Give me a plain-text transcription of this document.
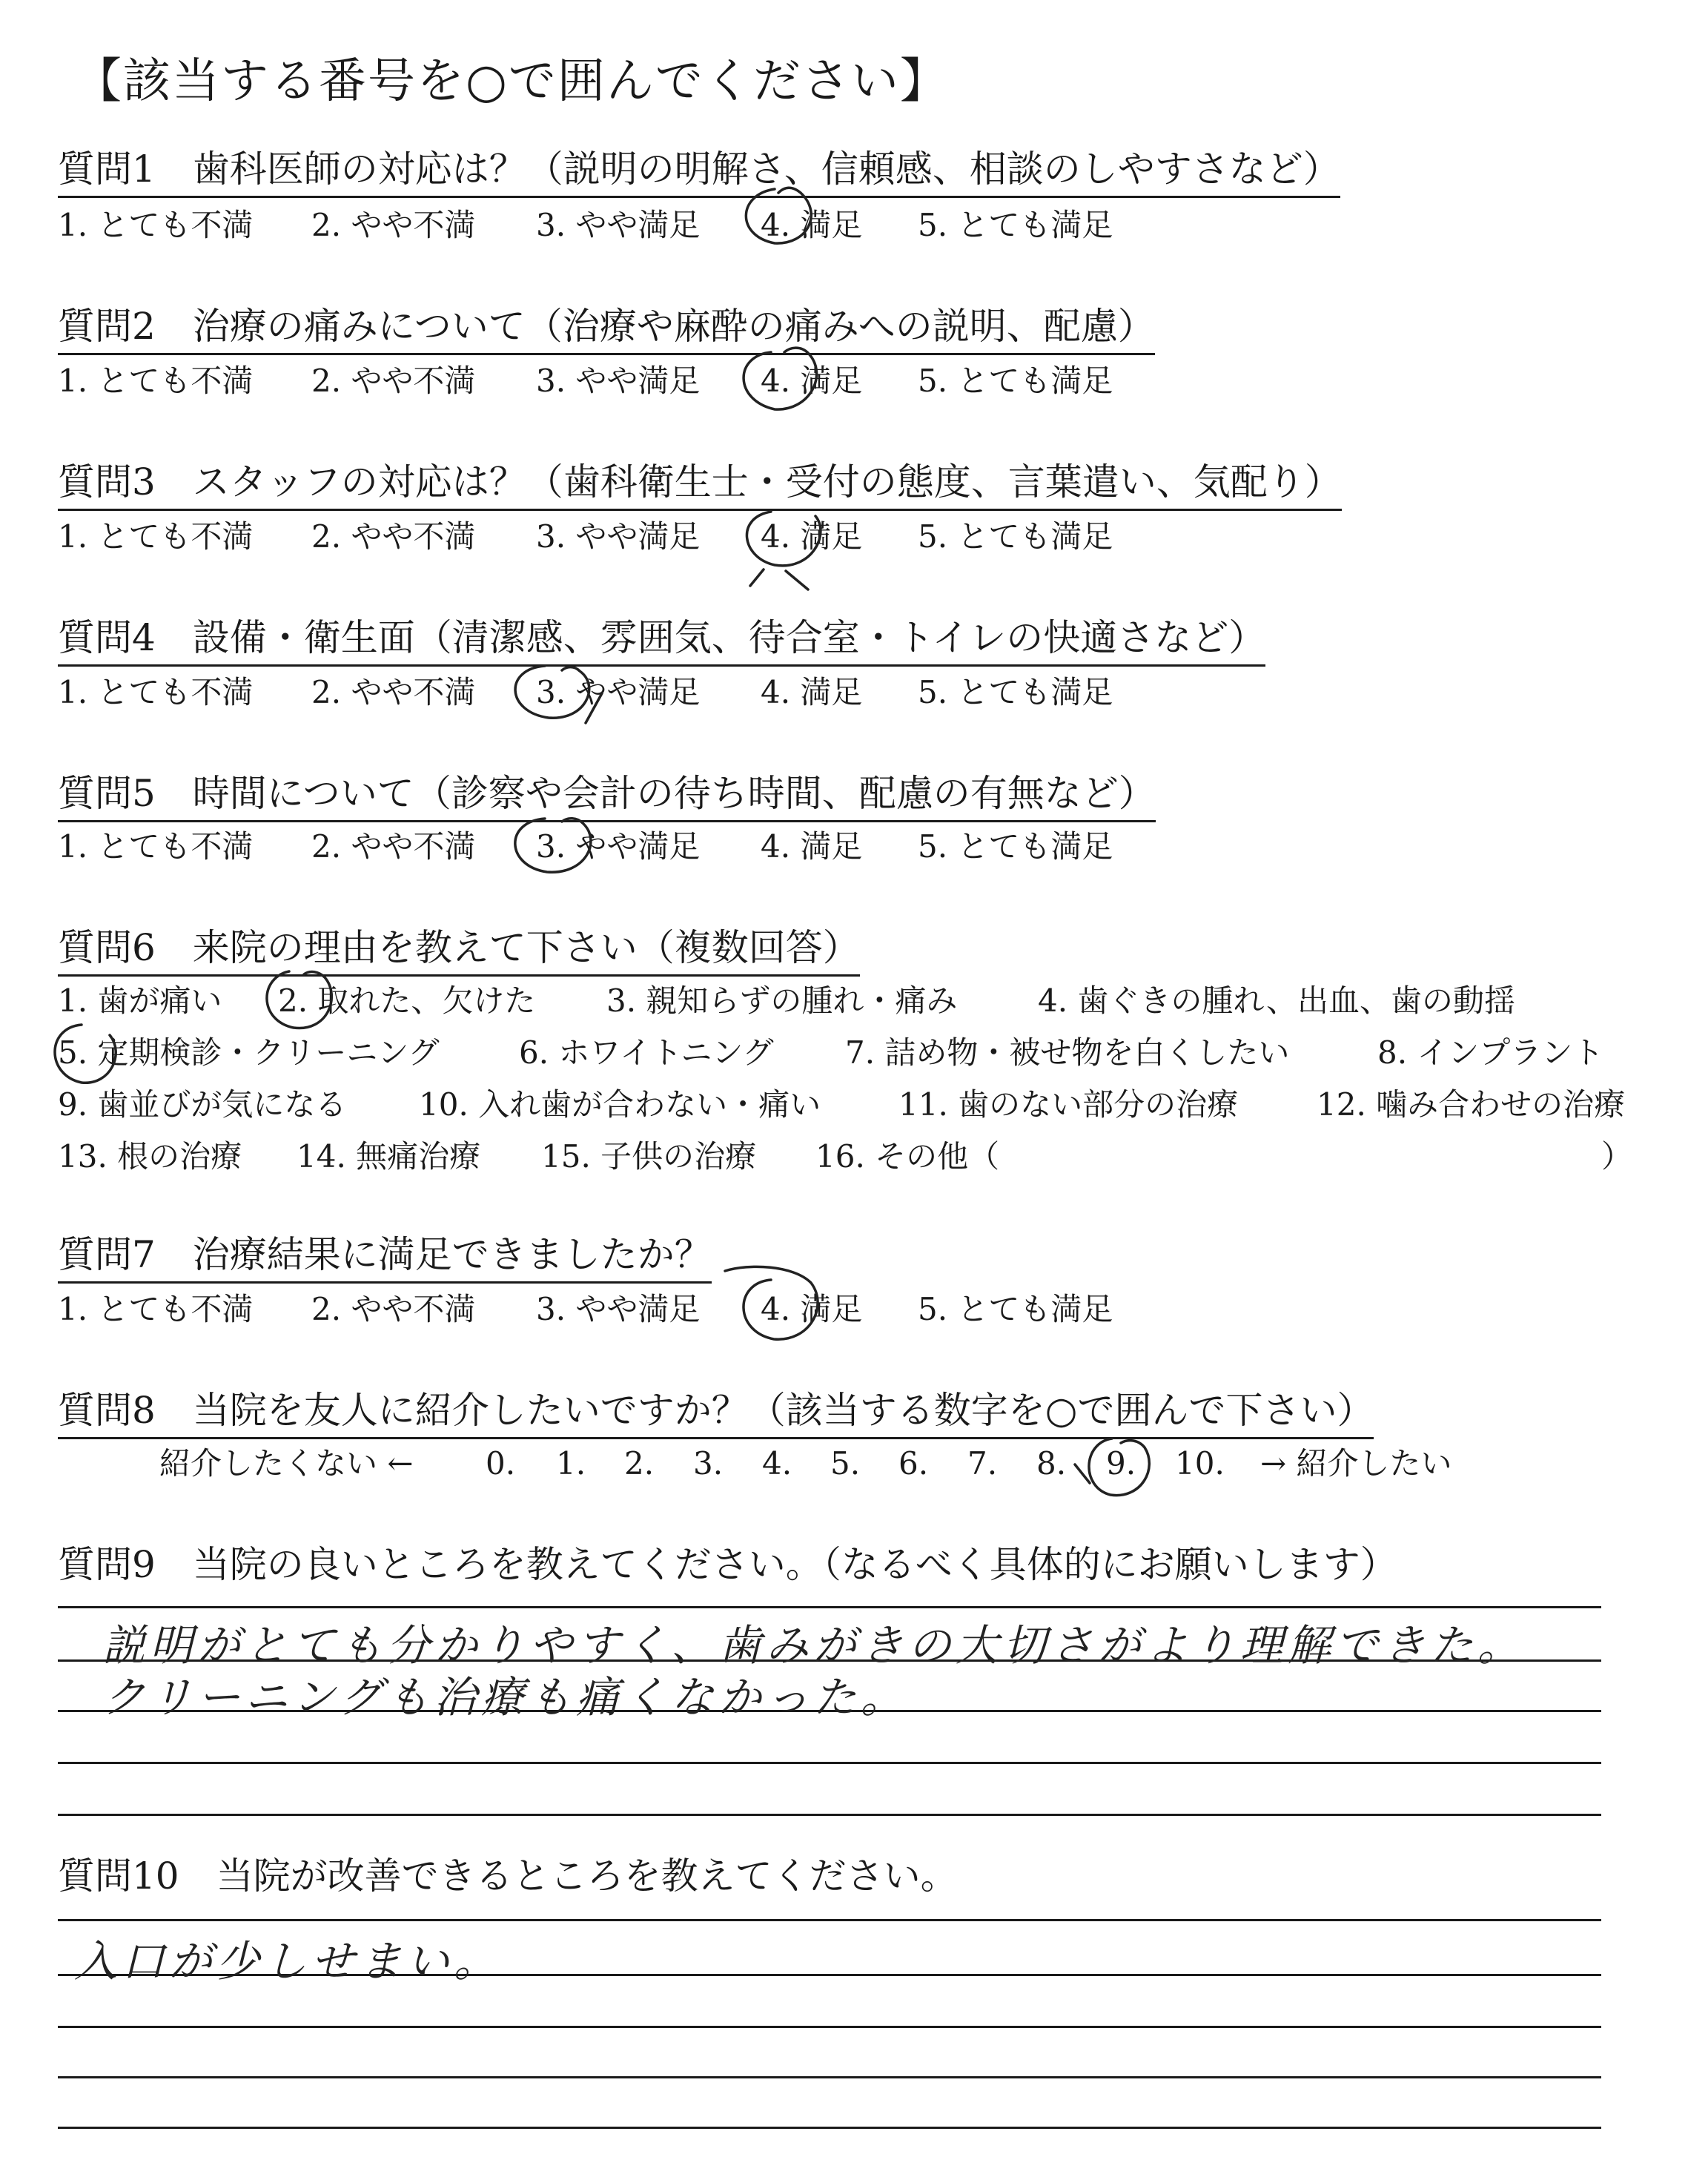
【該当する番号を○で囲んでください】
質問1　歯科医師の対応は？（説明の明解さ、信頼感、相談のしやすさなど）
1. とても不満 2. やや不満 3. やや満足 4. 満足 5. とても満足
質問2　治療の痛みについて（治療や麻酔の痛みへの説明、配慮）
1. とても不満 2. やや不満 3. やや満足 4. 満足 5. とても満足
質問3　スタッフの対応は？（歯科衛生士・受付の態度、言葉遣い、気配り）
1. とても不満 2. やや不満 3. やや満足 4. 満足 5. とても満足
質問4　設備・衛生面（清潔感、雰囲気、待合室・トイレの快適さなど）
1. とても不満 2. やや不満 3. やや満足 4. 満足 5. とても満足
質問5　時間について（診察や会計の待ち時間、配慮の有無など）
1. とても不満 2. やや不満 3. やや満足 4. 満足 5. とても満足
質問6　来院の理由を教えて下さい（複数回答）
1. 歯が痛い 2. 取れた、欠けた 3. 親知らずの腫れ・痛み	4. 歯ぐきの腫れ、出血、歯の動揺
5. 定期検診・クリーニング	6. ホワイトニング 7. 詰め物・被せ物を白くしたい	8. インプラント
9. 歯並びが気になる 10. 入れ歯が合わない・痛い 11. 歯のない部分の治療	12. 噛み合わせの治療
13. 根の治療 14. 無痛治療 15. 子供の治療 16. その他（	）
質問7　治療結果に満足できましたか？
1. とても不満 2. やや不満 3. やや満足 4. 満足 5. とても満足
質問8　当院を友人に紹介したいですか？（該当する数字を○で囲んで下さい）
紹介したくない ← 0. 1. 2. 3. 4. 5. 6. 7. 8. 9. 10. → 紹介したい
質問9　当院の良いところを教えてください。（なるべく具体的にお願いします）
説明がとても分かりやすく、歯みがきの大切さがより理解できた。
クリーニングも治療も痛くなかった。
質問10　当院が改善できるところを教えてください。
入口が少しせまい。
